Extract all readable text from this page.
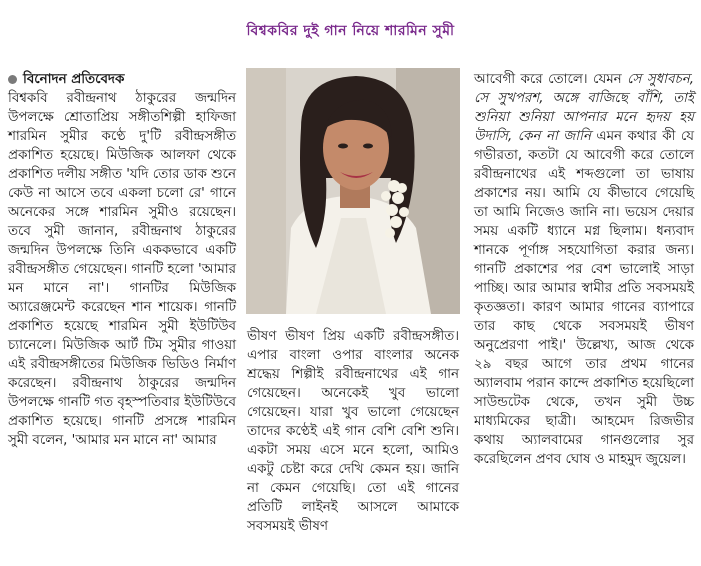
বিশ্বকবির দুই গান নিয়ে শারমিন সুমী
বিনোদন প্রতিবেদক

বিশ্বকবি রবীন্দ্রনাথ ঠাকুরের জন্মদিন উপলক্ষে শ্রোতাপ্রিয় সঙ্গীতশিল্পী হাফিজা শারমিন সুমীর কণ্ঠে দু'টি রবীন্দ্রসঙ্গীত প্রকাশিত হয়েছে। মিউজিক আলফা থেকে প্রকাশিত দলীয় সঙ্গীত 'যদি তোর ডাক শুনে কেউ না আসে তবে একলা চলো রে' গানে অনেকের সঙ্গে শারমিন সুমীও রয়েছেন। তবে সুমী জানান, রবীন্দ্রনাথ ঠাকুরের জন্মদিন উপলক্ষে তিনি এককভাবে একটি রবীন্দ্রসঙ্গীত গেয়েছেন। গানটি হলো 'আমার মন মানে না'। গানটির মিউজিক অ্যারেঞ্জমেন্ট করেছেন শান শায়েক। গানটি প্রকাশিত হয়েছে শারমিন সুমী ইউটিউব চ্যানেলে। মিউজিক আর্ট টিম সুমীর গাওয়া এই রবীন্দ্রসঙ্গীতের মিউজিক ভিডিও নির্মাণ করেছেন। রবীন্দ্রনাথ ঠাকুরের জন্মদিন উপলক্ষে গানটি গত বৃহস্পতিবার ইউটিউবে প্রকাশিত হয়েছে। গানটি প্রসঙ্গে শারমিন সুমী বলেন, 'আমার মন মানে না' আমার

ভীষণ ভীষণ প্রিয় একটি রবীন্দ্রসঙ্গীত। এপার বাংলা ওপার বাংলার অনেক শ্রদ্ধেয় শিল্পীই রবীন্দ্রনাথের এই গান গেয়েছেন। অনেকেই খুব ভালো গেয়েছেন। যারা খুব ভালো গেয়েছেন তাদের কণ্ঠেই এই গান বেশি বেশি শুনি। একটা সময় এসে মনে হলো, আমিও একটু চেষ্টা করে দেখি কেমন হয়। জানি না কেমন গেয়েছি। তো এই গানের প্রতিটি লাইনই আসলে আমাকে সবসময়ই ভীষণ

আবেগী করে তোলে। যেমন সে সুধাবচন, সে সুখপরশ, অঙ্গে বাজিছে বাঁশি, তাই শুনিয়া শুনিয়া আপনার মনে হৃদয় হয় উদাসি, কেন না জানি এমন কথার কী যে গভীরতা, কতটা যে আবেগী করে তোলে রবীন্দ্রনাথের এই শব্দগুলো তা ভাষায় প্রকাশের নয়। আমি যে কীভাবে গেয়েছি তা আমি নিজেও জানি না। ভয়েস দেয়ার সময় একটি ধ্যানে মগ্ন ছিলাম। ধন্যবাদ শানকে পূর্ণাঙ্গ সহযোগিতা করার জন্য। গানটি প্রকাশের পর বেশ ভালোই সাড়া পাচ্ছি। আর আমার স্বামীর প্রতি সবসময়ই কৃতজ্ঞতা। কারণ আমার গানের ব্যাপারে তার কাছ থেকে সবসময়ই ভীষণ অনুপ্রেরণা পাই।' উল্লেখ্য, আজ থেকে ২৯ বছর আগে তার প্রথম গানের অ্যালবাম পরান কান্দে প্রকাশিত হয়েছিলো সাউন্ডটেক থেকে, তখন সুমী উচ্চ মাধ্যমিকের ছাত্রী। আহমেদ রিজভীর কথায় অ্যালবামের গানগুলোর সুর করেছিলেন প্রণব ঘোষ ও মাহমুদ জুয়েল।
